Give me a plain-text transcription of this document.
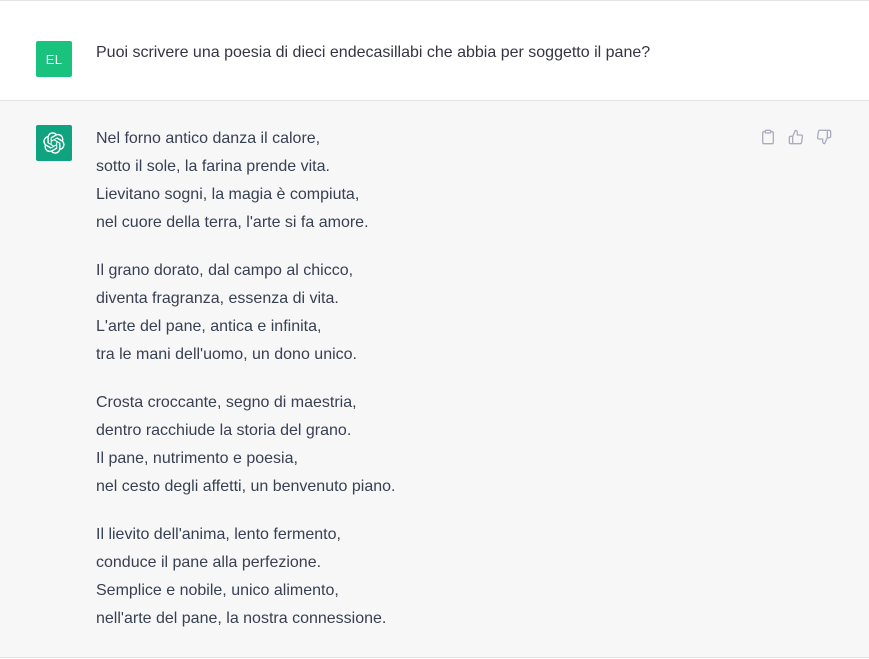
EL Puoi scrivere una poesia di dieci endecasillabi che abbia per soggetto il pane?
Nel forno antico danza il calore,
sotto il sole, la farina prende vita.
Lievitano sogni, la magia è compiuta,
nel cuore della terra, l'arte si fa amore.
Il grano dorato, dal campo al chicco,
diventa fragranza, essenza di vita.
L'arte del pane, antica e infinita,
tra le mani dell'uomo, un dono unico.
Crosta croccante, segno di maestria,
dentro racchiude la storia del grano.
Il pane, nutrimento e poesia,
nel cesto degli affetti, un benvenuto piano.
Il lievito dell'anima, lento fermento,
conduce il pane alla perfezione.
Semplice e nobile, unico alimento,
nell'arte del pane, la nostra connessione.
